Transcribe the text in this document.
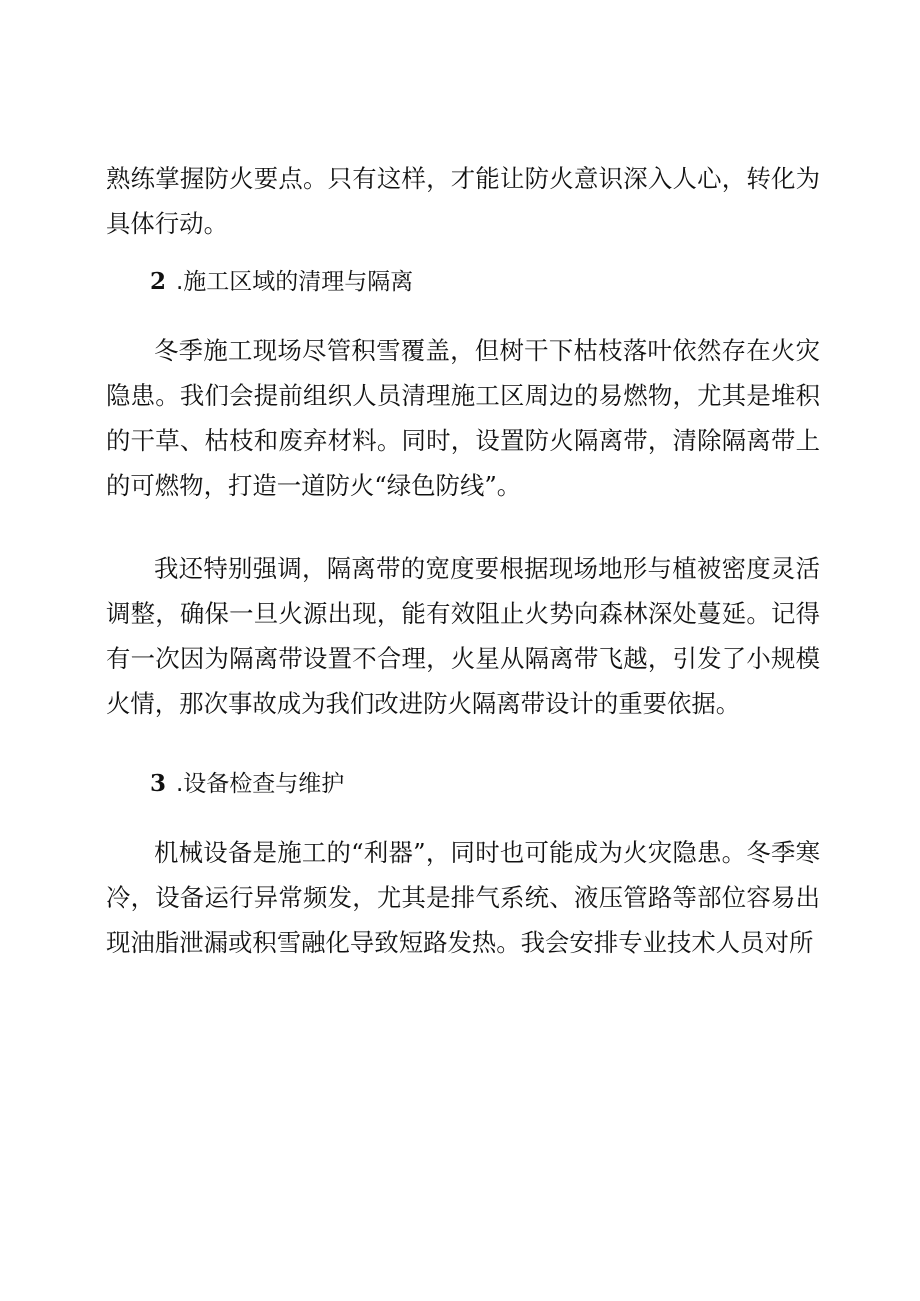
熟练掌握防火要点。只有这样，才能让防火意识深入人心，转化为具体行动。

2 .施工区域的清理与隔离

冬季施工现场尽管积雪覆盖，但树干下枯枝落叶依然存在火灾隐患。我们会提前组织人员清理施工区周边的易燃物，尤其是堆积的干草、枯枝和废弃材料。同时，设置防火隔离带，清除隔离带上的可燃物，打造一道防火“绿色防线”。

我还特别强调，隔离带的宽度要根据现场地形与植被密度灵活调整，确保一旦火源出现，能有效阻止火势向森林深处蔓延。记得有一次因为隔离带设置不合理，火星从隔离带飞越，引发了小规模火情，那次事故成为我们改进防火隔离带设计的重要依据。

3 .设备检查与维护

机械设备是施工的“利器”，同时也可能成为火灾隐患。冬季寒冷，设备运行异常频发，尤其是排气系统、液压管路等部位容易出现油脂泄漏或积雪融化导致短路发热。我会安排专业技术人员对所
